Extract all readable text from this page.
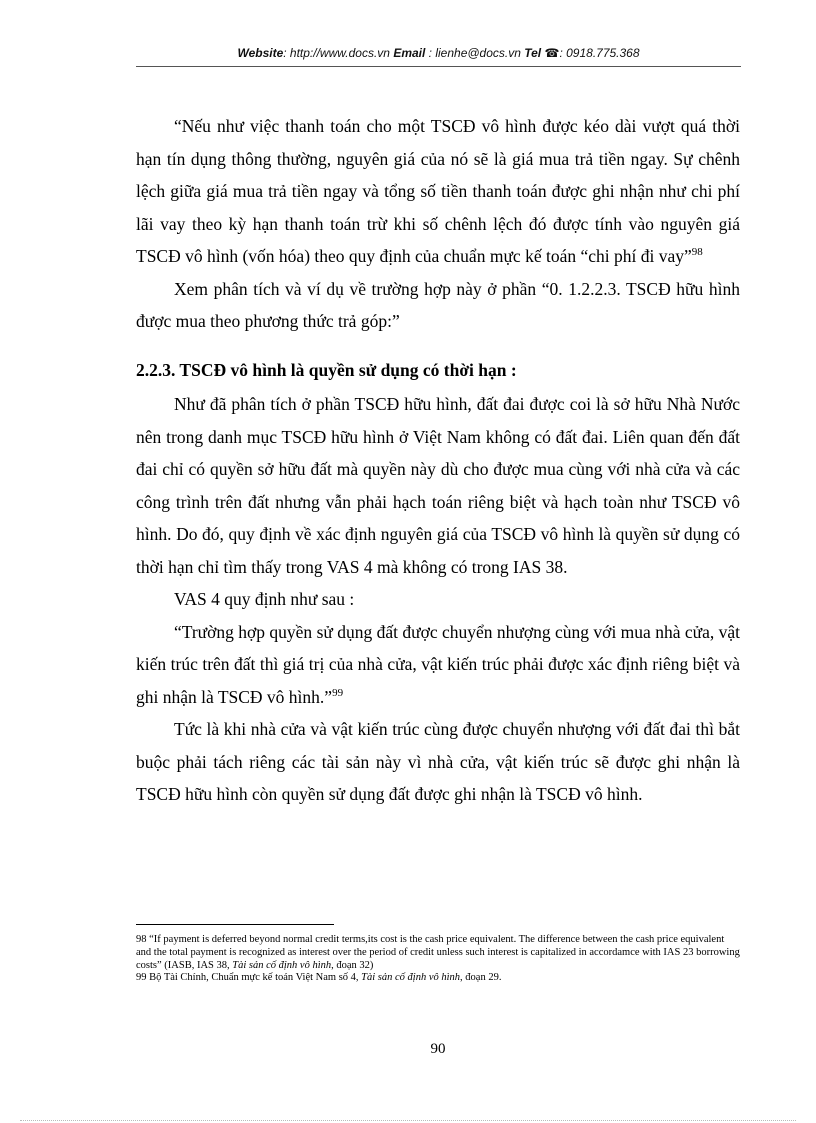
Website: http://www.docs.vn Email : lienhe@docs.vn Tel ☎: 0918.775.368

“Nếu như việc thanh toán cho một TSCĐ vô hình được kéo dài vượt quá thời hạn tín dụng thông thường, nguyên giá của nó sẽ là giá mua trả tiền ngay. Sự chênh lệch giữa giá mua trả tiền ngay và tổng số tiền thanh toán được ghi nhận như chi phí lãi vay theo kỳ hạn thanh toán trừ khi số chênh lệch đó được tính vào nguyên giá TSCĐ vô hình (vốn hóa) theo quy định của chuẩn mực kế toán “chi phí đi vay”$^{98}$

Xem phân tích và ví dụ về trường hợp này ở phần “0. 1.2.2.3. TSCĐ hữu hình được mua theo phương thức trả góp:”

2.2.3. TSCĐ vô hình là quyền sử dụng có thời hạn :

Như đã phân tích ở phần TSCĐ hữu hình, đất đai được coi là sở hữu Nhà Nước nên trong danh mục TSCĐ hữu hình ở Việt Nam không có đất đai. Liên quan đến đất đai chỉ có quyền sở hữu đất mà quyền này dù cho được mua cùng với nhà cửa và các công trình trên đất nhưng vẫn phải hạch toán riêng biệt và hạch toàn như TSCĐ vô hình. Do đó, quy định về xác định nguyên giá của TSCĐ vô hình là quyền sử dụng có thời hạn chỉ tìm thấy trong VAS 4 mà không có trong IAS 38.

VAS 4 quy định như sau :

“Trường hợp quyền sử dụng đất được chuyển nhượng cùng với mua nhà cửa, vật kiến trúc trên đất thì giá trị của nhà cửa, vật kiến trúc phải được xác định riêng biệt và ghi nhận là TSCĐ vô hình.”$^{99}$

Tức là khi nhà cửa và vật kiến trúc cùng được chuyển nhượng với đất đai thì bắt buộc phải tách riêng các tài sản này vì nhà cửa, vật kiến trúc sẽ được ghi nhận là TSCĐ hữu hình còn quyền sử dụng đất được ghi nhận là TSCĐ vô hình.

98 “If payment is deferred beyond normal credit terms,its cost is the cash price equivalent. The difference between the cash price equivalent and the total payment is recognized as interest over the period of credit unless such interest is capitalized in accordamce with IAS 23 borrowing costs” (IASB, IAS 38, Tài sản cố định vô hình, đoạn 32)

99 Bộ Tài Chính, Chuẩn mực kế toán Việt Nam số 4, Tài sản cố định vô hình, đoạn 29.

90
